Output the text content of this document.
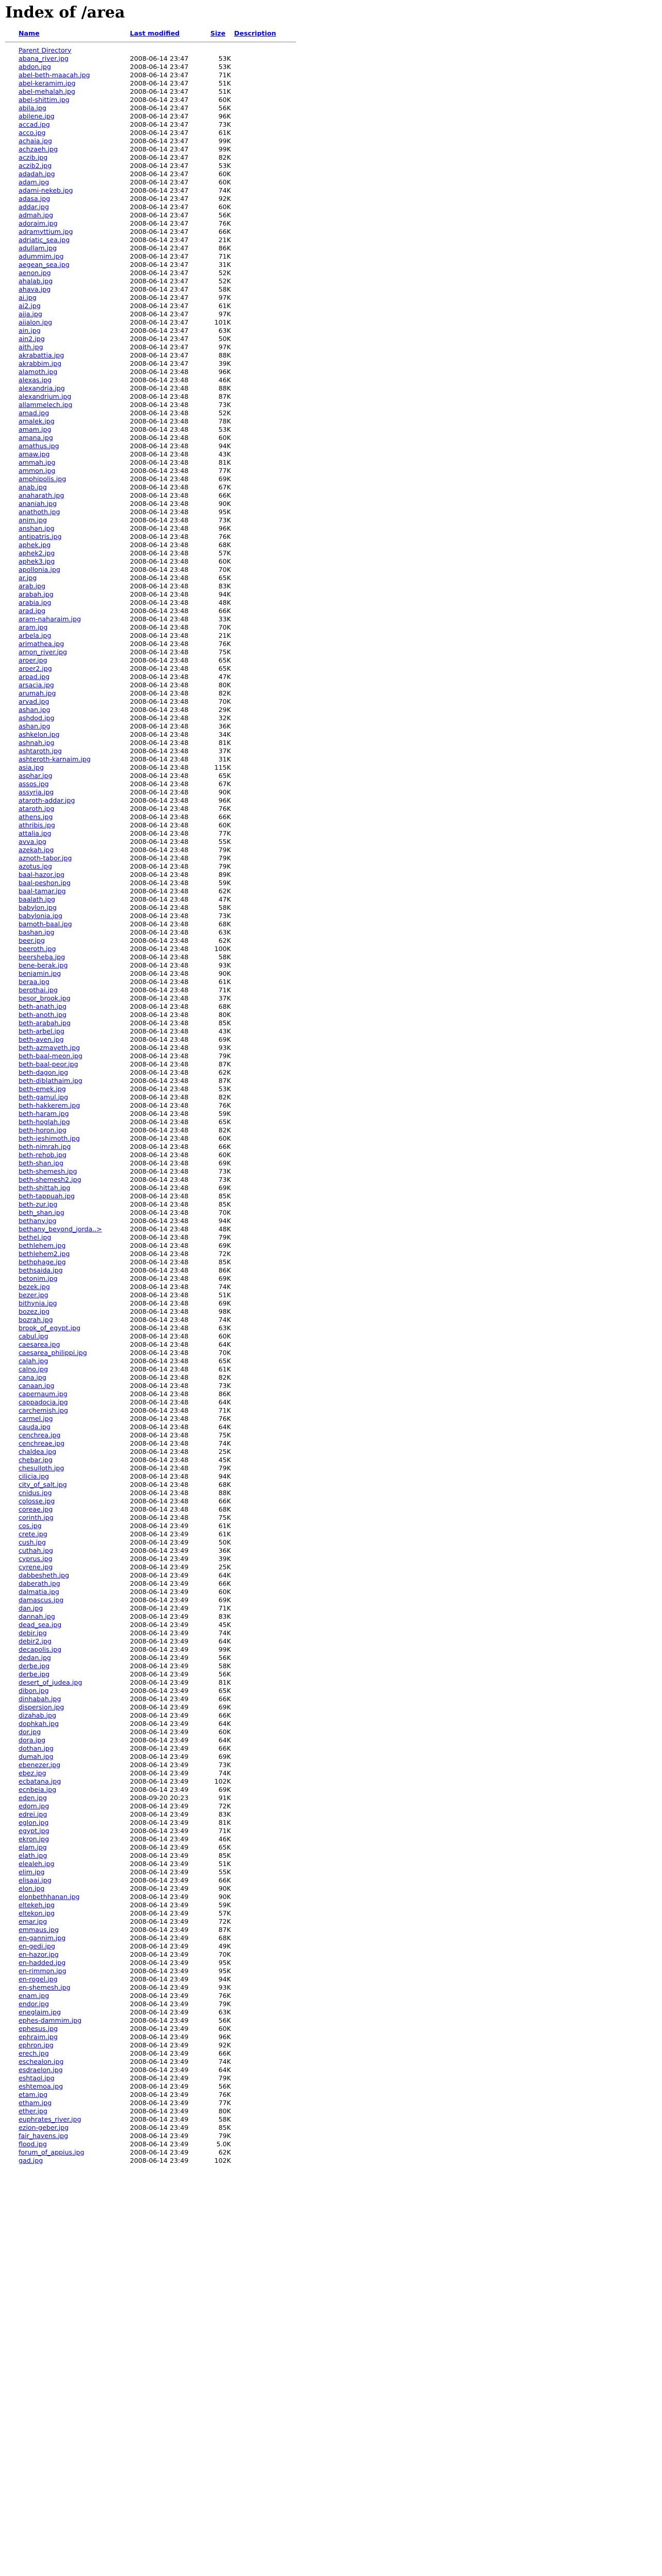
Index of /area
	Name	Last modified	Size	Description

	Parent Directory			
	abana_river.jpg	2008-06-14 23:47	53K	
	abdon.jpg	2008-06-14 23:47	53K	
	abel-beth-maacah.jpg	2008-06-14 23:47	71K	
	abel-keramim.jpg	2008-06-14 23:47	51K	
	abel-mehalah.jpg	2008-06-14 23:47	51K	
	abel-shittim.jpg	2008-06-14 23:47	60K	
	abila.jpg	2008-06-14 23:47	56K	
	abilene.jpg	2008-06-14 23:47	96K	
	accad.jpg	2008-06-14 23:47	73K	
	acco.jpg	2008-06-14 23:47	61K	
	achaia.jpg	2008-06-14 23:47	99K	
	achzaeh.jpg	2008-06-14 23:47	99K	
	aczib.jpg	2008-06-14 23:47	82K	
	aczib2.jpg	2008-06-14 23:47	53K	
	adadah.jpg	2008-06-14 23:47	60K	
	adam.jpg	2008-06-14 23:47	60K	
	adami-nekeb.jpg	2008-06-14 23:47	74K	
	adasa.jpg	2008-06-14 23:47	92K	
	addar.jpg	2008-06-14 23:47	60K	
	admah.jpg	2008-06-14 23:47	56K	
	adoraim.jpg	2008-06-14 23:47	76K	
	adramyttium.jpg	2008-06-14 23:47	66K	
	adriatic_sea.jpg	2008-06-14 23:47	21K	
	adullam.jpg	2008-06-14 23:47	86K	
	adummim.jpg	2008-06-14 23:47	71K	
	aegean_sea.jpg	2008-06-14 23:47	31K	
	aenon.jpg	2008-06-14 23:47	52K	
	ahalab.jpg	2008-06-14 23:47	52K	
	ahava.jpg	2008-06-14 23:47	58K	
	ai.jpg	2008-06-14 23:47	97K	
	ai2.jpg	2008-06-14 23:47	61K	
	aija.jpg	2008-06-14 23:47	97K	
	aijalon.jpg	2008-06-14 23:47	101K	
	ain.jpg	2008-06-14 23:47	63K	
	ain2.jpg	2008-06-14 23:47	50K	
	aith.jpg	2008-06-14 23:47	97K	
	akrabattia.jpg	2008-06-14 23:47	88K	
	akrabbim.jpg	2008-06-14 23:47	39K	
	alamoth.jpg	2008-06-14 23:48	96K	
	alexas.jpg	2008-06-14 23:48	46K	
	alexandria.jpg	2008-06-14 23:48	88K	
	alexandrium.jpg	2008-06-14 23:48	87K	
	allammelech.jpg	2008-06-14 23:48	73K	
	amad.jpg	2008-06-14 23:48	52K	
	amalek.jpg	2008-06-14 23:48	78K	
	amam.jpg	2008-06-14 23:48	53K	
	amana.jpg	2008-06-14 23:48	60K	
	amathus.jpg	2008-06-14 23:48	94K	
	amaw.jpg	2008-06-14 23:48	43K	
	ammah.jpg	2008-06-14 23:48	81K	
	ammon.jpg	2008-06-14 23:48	77K	
	amphipolis.jpg	2008-06-14 23:48	69K	
	anab.jpg	2008-06-14 23:48	67K	
	anaharath.jpg	2008-06-14 23:48	66K	
	ananiah.jpg	2008-06-14 23:48	90K	
	anathoth.jpg	2008-06-14 23:48	95K	
	anim.jpg	2008-06-14 23:48	73K	
	anshan.jpg	2008-06-14 23:48	96K	
	antipatris.jpg	2008-06-14 23:48	76K	
	aphek.jpg	2008-06-14 23:48	68K	
	aphek2.jpg	2008-06-14 23:48	57K	
	aphek3.jpg	2008-06-14 23:48	60K	
	apollonia.jpg	2008-06-14 23:48	70K	
	ar.jpg	2008-06-14 23:48	65K	
	arab.jpg	2008-06-14 23:48	83K	
	arabah.jpg	2008-06-14 23:48	94K	
	arabia.jpg	2008-06-14 23:48	48K	
	arad.jpg	2008-06-14 23:48	66K	
	aram-naharaim.jpg	2008-06-14 23:48	33K	
	aram.jpg	2008-06-14 23:48	70K	
	arbela.jpg	2008-06-14 23:48	21K	
	arimathea.jpg	2008-06-14 23:48	76K	
	arnon_river.jpg	2008-06-14 23:48	75K	
	aroer.jpg	2008-06-14 23:48	65K	
	aroer2.jpg	2008-06-14 23:48	65K	
	arpad.jpg	2008-06-14 23:48	47K	
	arsacia.jpg	2008-06-14 23:48	80K	
	arumah.jpg	2008-06-14 23:48	82K	
	arvad.jpg	2008-06-14 23:48	70K	
	ashan.jpg	2008-06-14 23:48	29K	
	ashdod.jpg	2008-06-14 23:48	32K	
	ashan.jpg	2008-06-14 23:48	36K	
	ashkelon.jpg	2008-06-14 23:48	34K	
	ashnah.jpg	2008-06-14 23:48	81K	
	ashtaroth.jpg	2008-06-14 23:48	37K	
	ashteroth-karnaim.jpg	2008-06-14 23:48	31K	
	asia.jpg	2008-06-14 23:48	115K	
	asphar.jpg	2008-06-14 23:48	65K	
	assos.jpg	2008-06-14 23:48	67K	
	assyria.jpg	2008-06-14 23:48	90K	
	ataroth-addar.jpg	2008-06-14 23:48	96K	
	ataroth.jpg	2008-06-14 23:48	76K	
	athens.jpg	2008-06-14 23:48	66K	
	athribis.jpg	2008-06-14 23:48	60K	
	attalia.jpg	2008-06-14 23:48	77K	
	avva.jpg	2008-06-14 23:48	55K	
	azekah.jpg	2008-06-14 23:48	79K	
	aznoth-tabor.jpg	2008-06-14 23:48	79K	
	azotus.jpg	2008-06-14 23:48	79K	
	baal-hazor.jpg	2008-06-14 23:48	89K	
	baal-peshon.jpg	2008-06-14 23:48	59K	
	baal-tamar.jpg	2008-06-14 23:48	62K	
	baalath.jpg	2008-06-14 23:48	47K	
	babylon.jpg	2008-06-14 23:48	58K	
	babylonia.jpg	2008-06-14 23:48	73K	
	bamoth-baal.jpg	2008-06-14 23:48	68K	
	bashan.jpg	2008-06-14 23:48	63K	
	beer.jpg	2008-06-14 23:48	62K	
	beeroth.jpg	2008-06-14 23:48	100K	
	beersheba.jpg	2008-06-14 23:48	58K	
	bene-berak.jpg	2008-06-14 23:48	93K	
	benjamin.jpg	2008-06-14 23:48	90K	
	beraa.jpg	2008-06-14 23:48	61K	
	berothai.jpg	2008-06-14 23:48	71K	
	besor_brook.jpg	2008-06-14 23:48	37K	
	beth-anath.jpg	2008-06-14 23:48	68K	
	beth-anoth.jpg	2008-06-14 23:48	80K	
	beth-arabah.jpg	2008-06-14 23:48	85K	
	beth-arbel.jpg	2008-06-14 23:48	43K	
	beth-aven.jpg	2008-06-14 23:48	69K	
	beth-azmaveth.jpg	2008-06-14 23:48	93K	
	beth-baal-meon.jpg	2008-06-14 23:48	79K	
	beth-baal-peor.jpg	2008-06-14 23:48	87K	
	beth-dagon.jpg	2008-06-14 23:48	62K	
	beth-diblathaim.jpg	2008-06-14 23:48	87K	
	beth-emek.jpg	2008-06-14 23:48	53K	
	beth-gamul.jpg	2008-06-14 23:48	82K	
	beth-hakkerem.jpg	2008-06-14 23:48	76K	
	beth-haram.jpg	2008-06-14 23:48	59K	
	beth-hoglah.jpg	2008-06-14 23:48	65K	
	beth-horon.jpg	2008-06-14 23:48	82K	
	beth-jeshimoth.jpg	2008-06-14 23:48	60K	
	beth-nimrah.jpg	2008-06-14 23:48	66K	
	beth-rehob.jpg	2008-06-14 23:48	60K	
	beth-shan.jpg	2008-06-14 23:48	69K	
	beth-shemesh.jpg	2008-06-14 23:48	73K	
	beth-shemesh2.jpg	2008-06-14 23:48	73K	
	beth-shittah.jpg	2008-06-14 23:48	69K	
	beth-tappuah.jpg	2008-06-14 23:48	85K	
	beth-zur.jpg	2008-06-14 23:48	85K	
	beth_shan.jpg	2008-06-14 23:48	70K	
	bethany.jpg	2008-06-14 23:48	94K	
	bethany_beyond_jorda..>	2008-06-14 23:48	48K	
	bethel.jpg	2008-06-14 23:48	79K	
	bethlehem.jpg	2008-06-14 23:48	69K	
	bethlehem2.jpg	2008-06-14 23:48	72K	
	bethphage.jpg	2008-06-14 23:48	85K	
	bethsaida.jpg	2008-06-14 23:48	86K	
	betonim.jpg	2008-06-14 23:48	69K	
	bezek.jpg	2008-06-14 23:48	74K	
	bezer.jpg	2008-06-14 23:48	51K	
	bithynia.jpg	2008-06-14 23:48	69K	
	bozez.jpg	2008-06-14 23:48	98K	
	bozrah.jpg	2008-06-14 23:48	74K	
	brook_of_egypt.jpg	2008-06-14 23:48	63K	
	cabul.jpg	2008-06-14 23:48	60K	
	caesarea.jpg	2008-06-14 23:48	64K	
	caesarea_philippi.jpg	2008-06-14 23:48	70K	
	calah.jpg	2008-06-14 23:48	65K	
	calno.jpg	2008-06-14 23:48	61K	
	cana.jpg	2008-06-14 23:48	82K	
	canaan.jpg	2008-06-14 23:48	73K	
	capernaum.jpg	2008-06-14 23:48	86K	
	cappadocia.jpg	2008-06-14 23:48	64K	
	carchemish.jpg	2008-06-14 23:48	71K	
	carmel.jpg	2008-06-14 23:48	76K	
	cauda.jpg	2008-06-14 23:48	64K	
	cenchrea.jpg	2008-06-14 23:48	75K	
	cenchreae.jpg	2008-06-14 23:48	74K	
	chaldea.jpg	2008-06-14 23:48	25K	
	chebar.jpg	2008-06-14 23:48	45K	
	chesulloth.jpg	2008-06-14 23:48	79K	
	cilicia.jpg	2008-06-14 23:48	94K	
	city_of_salt.jpg	2008-06-14 23:48	68K	
	cnidus.jpg	2008-06-14 23:48	88K	
	colosse.jpg	2008-06-14 23:48	66K	
	coreae.jpg	2008-06-14 23:48	68K	
	corinth.jpg	2008-06-14 23:48	75K	
	cos.jpg	2008-06-14 23:49	61K	
	crete.jpg	2008-06-14 23:49	61K	
	cush.jpg	2008-06-14 23:49	50K	
	cuthah.jpg	2008-06-14 23:49	36K	
	cyprus.jpg	2008-06-14 23:49	39K	
	cyrene.jpg	2008-06-14 23:49	25K	
	dabbesheth.jpg	2008-06-14 23:49	64K	
	daberath.jpg	2008-06-14 23:49	66K	
	dalmatia.jpg	2008-06-14 23:49	60K	
	damascus.jpg	2008-06-14 23:49	69K	
	dan.jpg	2008-06-14 23:49	71K	
	dannah.jpg	2008-06-14 23:49	83K	
	dead_sea.jpg	2008-06-14 23:49	45K	
	debir.jpg	2008-06-14 23:49	74K	
	debir2.jpg	2008-06-14 23:49	64K	
	decapolis.jpg	2008-06-14 23:49	99K	
	dedan.jpg	2008-06-14 23:49	56K	
	derbe.jpg	2008-06-14 23:49	58K	
	derbe.jpg	2008-06-14 23:49	56K	
	desert_of_judea.jpg	2008-06-14 23:49	81K	
	dibon.jpg	2008-06-14 23:49	65K	
	dinhabah.jpg	2008-06-14 23:49	66K	
	dispersion.jpg	2008-06-14 23:49	69K	
	dizahab.jpg	2008-06-14 23:49	66K	
	dophkah.jpg	2008-06-14 23:49	64K	
	dor.jpg	2008-06-14 23:49	60K	
	dora.jpg	2008-06-14 23:49	64K	
	dothan.jpg	2008-06-14 23:49	66K	
	dumah.jpg	2008-06-14 23:49	69K	
	ebenezer.jpg	2008-06-14 23:49	73K	
	ebez.jpg	2008-06-14 23:49	74K	
	ecbatana.jpg	2008-06-14 23:49	102K	
	ecnbeia.jpg	2008-06-14 23:49	69K	
	eden.jpg	2008-09-20 20:23	91K	
	edom.jpg	2008-06-14 23:49	72K	
	edrei.jpg	2008-06-14 23:49	83K	
	eglon.jpg	2008-06-14 23:49	81K	
	egypt.jpg	2008-06-14 23:49	71K	
	ekron.jpg	2008-06-14 23:49	46K	
	elam.jpg	2008-06-14 23:49	65K	
	elath.jpg	2008-06-14 23:49	85K	
	elealeh.jpg	2008-06-14 23:49	51K	
	elim.jpg	2008-06-14 23:49	55K	
	elisaai.jpg	2008-06-14 23:49	66K	
	elon.jpg	2008-06-14 23:49	90K	
	elonbethhanan.jpg	2008-06-14 23:49	90K	
	eltekeh.jpg	2008-06-14 23:49	59K	
	eltekon.jpg	2008-06-14 23:49	57K	
	emar.jpg	2008-06-14 23:49	72K	
	emmaus.jpg	2008-06-14 23:49	87K	
	en-gannim.jpg	2008-06-14 23:49	68K	
	en-gedi.jpg	2008-06-14 23:49	49K	
	en-hazor.jpg	2008-06-14 23:49	70K	
	en-hadded.jpg	2008-06-14 23:49	95K	
	en-rimmon.jpg	2008-06-14 23:49	95K	
	en-rogel.jpg	2008-06-14 23:49	94K	
	en-shemesh.jpg	2008-06-14 23:49	93K	
	enam.jpg	2008-06-14 23:49	76K	
	endor.jpg	2008-06-14 23:49	79K	
	eneglaim.jpg	2008-06-14 23:49	63K	
	ephes-dammim.jpg	2008-06-14 23:49	56K	
	ephesus.jpg	2008-06-14 23:49	60K	
	ephraim.jpg	2008-06-14 23:49	96K	
	ephron.jpg	2008-06-14 23:49	92K	
	erech.jpg	2008-06-14 23:49	66K	
	eschealon.jpg	2008-06-14 23:49	74K	
	esdraelon.jpg	2008-06-14 23:49	64K	
	eshtaol.jpg	2008-06-14 23:49	79K	
	eshtemoa.jpg	2008-06-14 23:49	56K	
	etam.jpg	2008-06-14 23:49	76K	
	etham.jpg	2008-06-14 23:49	77K	
	ether.jpg	2008-06-14 23:49	80K	
	euphrates_river.jpg	2008-06-14 23:49	58K	
	ezion-geber.jpg	2008-06-14 23:49	85K	
	fair_havens.jpg	2008-06-14 23:49	79K	
	flood.jpg	2008-06-14 23:49	5.0K	
	forum_of_appius.jpg	2008-06-14 23:49	62K	
	gad.jpg	2008-06-14 23:49	102K	
